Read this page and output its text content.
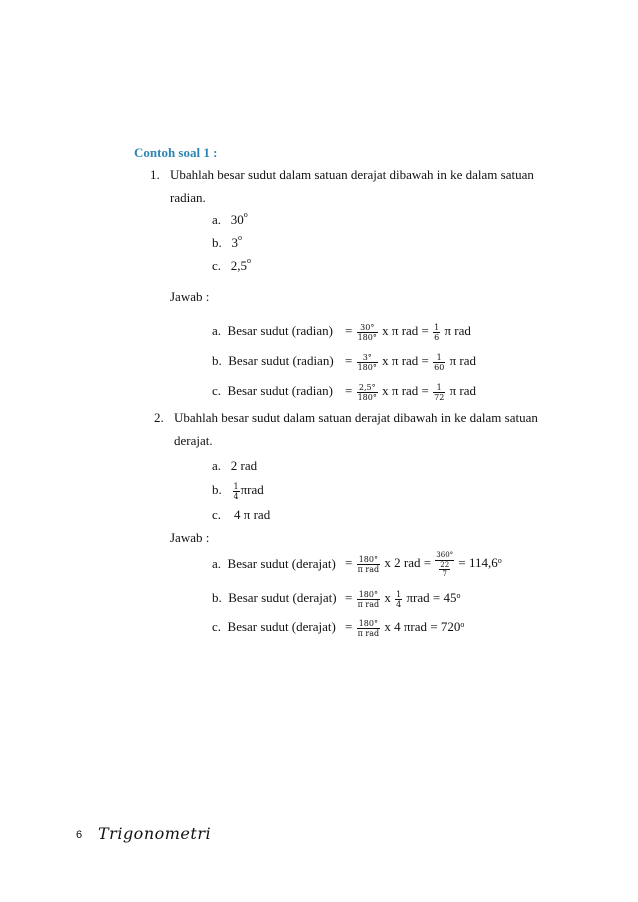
Contoh soal 1 :
1. Ubahlah besar sudut dalam satuan derajat dibawah in ke dalam satuan
radian.
a. 30$^o$
b. 3$^o$
c. 2,5$^o$
Jawab :
a. Besar sudut (radian) = $\frac{30^\circ}{180^\circ}$ x π rad = $\frac{1}{6}$ π rad
b. Besar sudut (radian) = $\frac{3^\circ}{180^\circ}$ x π rad = $\frac{1}{60}$ π rad
c. Besar sudut (radian) = $\frac{2,5^\circ}{180^\circ}$ x π rad = $\frac{1}{72}$ π rad
2. Ubahlah besar sudut dalam satuan derajat dibawah in ke dalam satuan
derajat.
a. 2 rad
b. $\frac{1}{4}$ πrad
c. 4 π rad
Jawab :
a. Besar sudut (derajat) = $\frac{180^\circ}{\text{π rad}}$ x 2 rad = $\frac{360^\circ}{\frac{22}{7}} = 114,6^o$
b. Besar sudut (derajat) = $\frac{180^\circ}{\text{π rad}}$ x $\frac{1}{4}$ $\pi rad = 45^o$
c. Besar sudut (derajat) = $\frac{180^\circ}{\text{π rad}}$ x 4 $\pi rad = 720^o$
6 Trigonometri
